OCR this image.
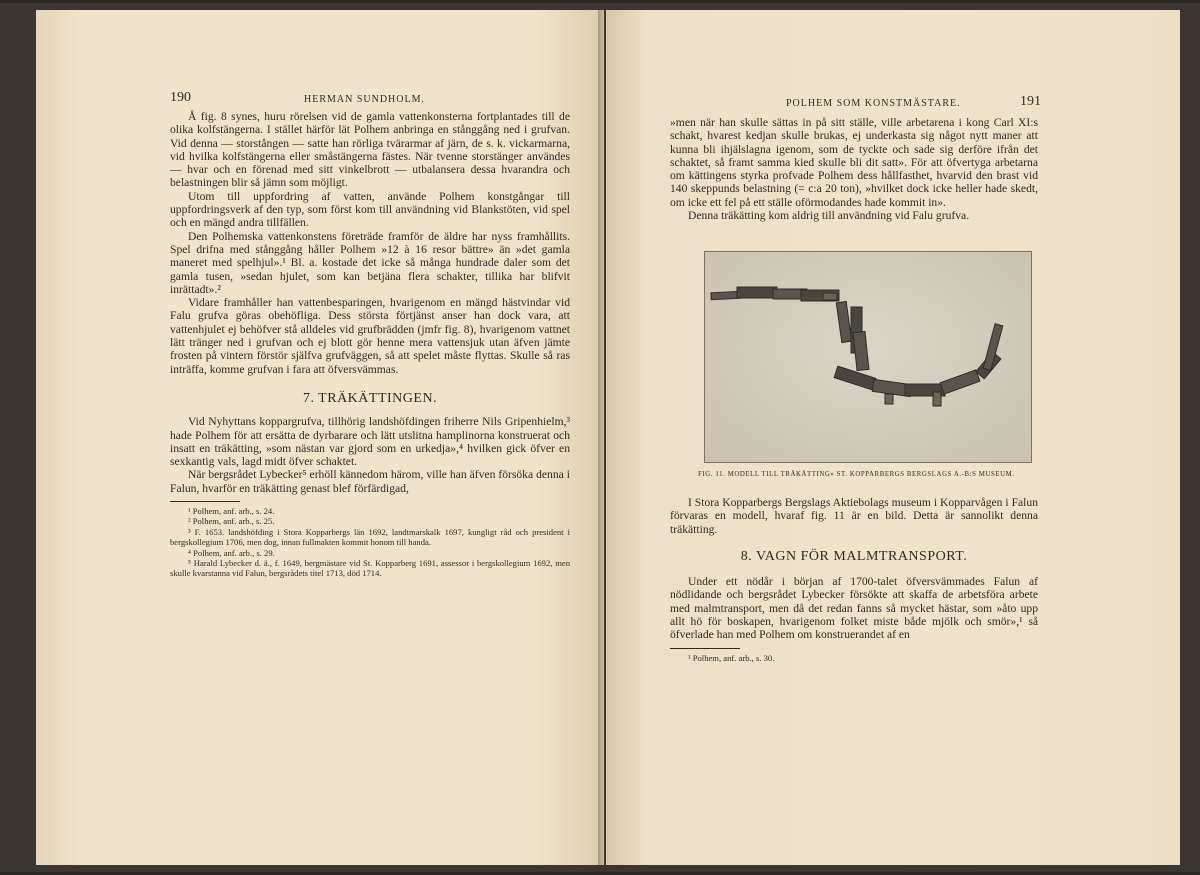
190	HERMAN SUNDHOLM.

Å fig. 8 synes, huru rörelsen vid de gamla vattenkonsterna fortplantades till de olika kolfstängerna. I stället härför lät Polhem anbringa en stånggång ned i grufvan. Vid denna — storstången — satte han rörliga tvärarmar af järn, de s. k. vickarmarna, vid hvilka kolfstängerna eller småstängerna fästes. När tvenne storstänger användes — hvar och en förenad med sitt vinkelbrott — utbalansera dessa hvarandra och belastningen blir så jämn som möjligt.

Utom till uppfordring af vatten, använde Polhem konstgångar till uppfordringsverk af den typ, som först kom till användning vid Blankstöten, vid spel och en mängd andra tillfällen.

Den Polhemska vattenkonstens företräde framför de äldre har nyss framhållits. Spel drifna med stånggång håller Polhem »12 à 16 resor bättre» än »det gamla maneret med spelhjul».¹ Bl. a. kostade det icke så många hundrade daler som det gamla tusen, »sedan hjulet, som kan betjäna flera schakter, tillika har blifvit inrättadt».²

Vidare framhåller han vattenbesparingen, hvarigenom en mängd hästvindar vid Falu grufva göras obehöfliga. Dess största förtjänst anser han dock vara, att vattenhjulet ej behöfver stå alldeles vid grufbrädden (jmfr fig. 8), hvarigenom vattnet lätt tränger ned i grufvan och ej blott gör henne mera vattensjuk utan äfven jämte frosten på vintern förstör själfva grufväggen, så att spelet måste flyttas. Skulle så ras inträffa, komme grufvan i fara att öfversvämmas.

7. TRÄKÄTTINGEN.

Vid Nyhyttans koppargrufva, tillhörig landshöfdingen friherre Nils Gripenhielm,³ hade Polhem för att ersätta de dyrbarare och lätt utslitna hamplinorna konstruerat och insatt en träkätting, »som nästan var gjord som en urkedja»,⁴ hvilken gick öfver en sexkantig vals, lagd midt öfver schaktet.

När bergsrådet Lybecker⁵ erhöll kännedom härom, ville han äfven försöka denna i Falun, hvarför en träkätting genast blef förfärdigad,

¹ Polhem, anf. arb., s. 24.

² Polhem, anf. arb., s. 25.

³ F. 1653. landshöfding i Stora Kopparbergs län 1692, landtmarskalk 1697, kungligt råd och president i bergskollegium 1706, men dog, innan fullmakten kommit honom till handa.

⁴ Polhem, anf. arb., s. 29.

⁵ Harald Lybecker d. ä., f. 1649, bergmästare vid St. Kopparberg 1691, assessor i bergskollegium 1692, men skulle kvarstanna vid Falun, bergsrådets titel 1713, död 1714.

POLHEM SOM KONSTMÄSTARE.	191

»men när han skulle sättas in på sitt ställe, ville arbetarena i kong Carl XI:s schakt, hvarest kedjan skulle brukas, ej underkasta sig något nytt maner att kunna bli ihjälslagna igenom, som de tyckte och sade sig derföre ifrån det schaktet, så framt samma kied skulle bli dit satt». För att öfvertyga arbetarna om kättingens styrka profvade Polhem dess hållfasthet, hvarvid den brast vid 140 skeppunds belastning (= c:a 20 ton), »hvilket dock icke heller hade skedt, om icke ett fel på ett ställe oförmodandes hade kommit in».

Denna träkätting kom aldrig till användning vid Falu grufva.

FIG. 11. MODELL TILL TRÄKÄTTING» ST. KOPPARBERGS BERGSLAGS A.-B:S MUSEUM.

I Stora Kopparbergs Bergslags Aktiebolags museum i Kopparvågen i Falun förvaras en modell, hvaraf fig. 11 är en bild. Detta är sannolikt denna träkätting.

8. VAGN FÖR MALMTRANSPORT.

Under ett nödår i början af 1700-talet öfversvämmades Falun af nödlidande och bergsrådet Lybecker försökte att skaffa de arbetsföra arbete med malmtransport, men då det redan fanns så mycket hästar, som »åto upp allt hö för boskapen, hvarigenom folket miste både mjölk och smör»,¹ så öfverlade han med Polhem om konstruerandet af en

¹ Polhem, anf. arb., s. 30.
